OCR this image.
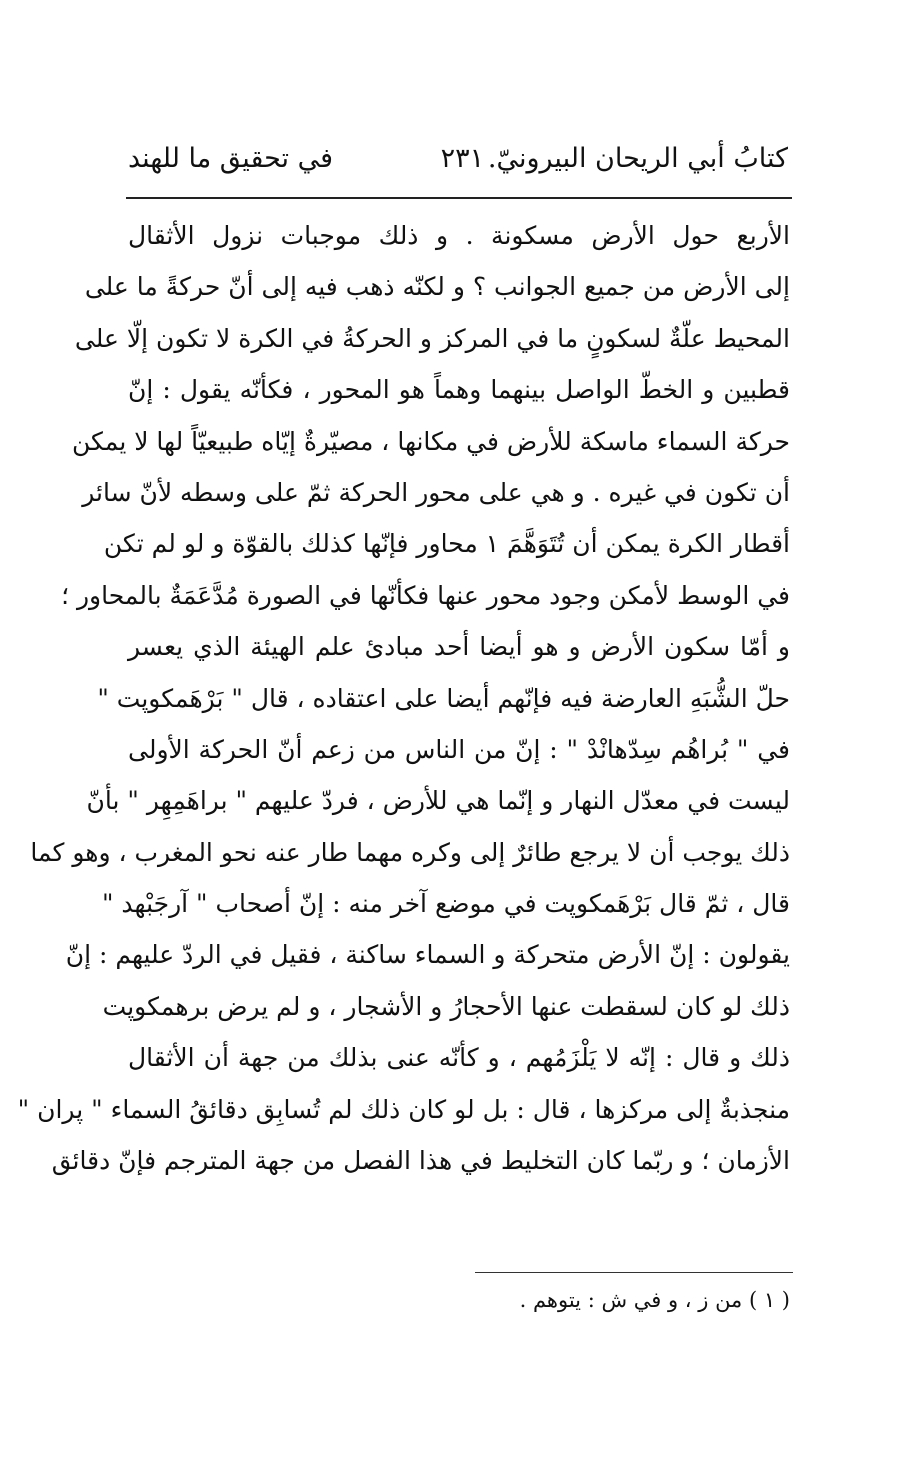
كتابُ أبي الريحان البيرونيّ.
٢٣١
في تحقيق ما للهند
الأربع حول الأرض مسكونة . و ذلك موجبات نزول الأثقال
إلى الأرض من جميع الجوانب ؟ و لكنّه ذهب فيه إلى أنّ حركةً ما على
المحيط علّةٌ لسكونٍ ما في المركز و الحركةُ في الكرة لا تكون إلّا على
قطبين و الخطّ الواصل بينهما وهماً هو المحور ، فكأنّه يقول : إنّ
حركة السماء ماسكة للأرض في مكانها ، مصيّرةٌ إيّاه طبيعيّاً لها لا يمكن
أن تكون في غيره . و هي على محور الحركة ثمّ على وسطه لأنّ سائر
أقطار الكرة يمكن أن تُتَوَهَّمَ ١ محاور فإنّها كذلك بالقوّة و لو لم تكن
في الوسط لأمكن وجود محور عنها فكأنّها في الصورة مُدَّعَمَةٌ بالمحاور ؛
و أمّا سكون الأرض و هو أيضا أحد مبادئ علم الهيئة الذي يعسر
حلّ الشُّبَهِ العارضة فيه فإنّهم أيضا على اعتقاده ، قال " بَرْهَمكوپت "
في " بُراهُم سِدّهانْدْ " : إنّ من الناس من زعم أنّ الحركة الأولى
ليست في معدّل النهار و إنّما هي للأرض ، فردّ عليهم " براهَمِهِر " بأنّ
ذلك يوجب أن لا يرجع طائرٌ إلى وكره مهما طار عنه نحو المغرب ، وهو كما
قال ، ثمّ قال بَرْهَمكوپت في موضع آخر منه : إنّ أصحاب " آرجَبْهد "
يقولون : إنّ الأرض متحركة و السماء ساكنة ، فقيل في الردّ عليهم : إنّ
ذلك لو كان لسقطت عنها الأحجارُ و الأشجار ، و لم يرض برهمكوپت
ذلك و قال : إنّه لا يَلْزَمُهم ، و كأنّه عنى بذلك من جهة أن الأثقال
منجذبةٌ إلى مركزها ، قال : بل لو كان ذلك لم تُسابِق دقائقُ السماء " پران "
الأزمان ؛ و ربّما كان التخليط في هذا الفصل من جهة المترجم فإنّ دقائق
( ١ ) من ز ، و في ش : يتوهم .
